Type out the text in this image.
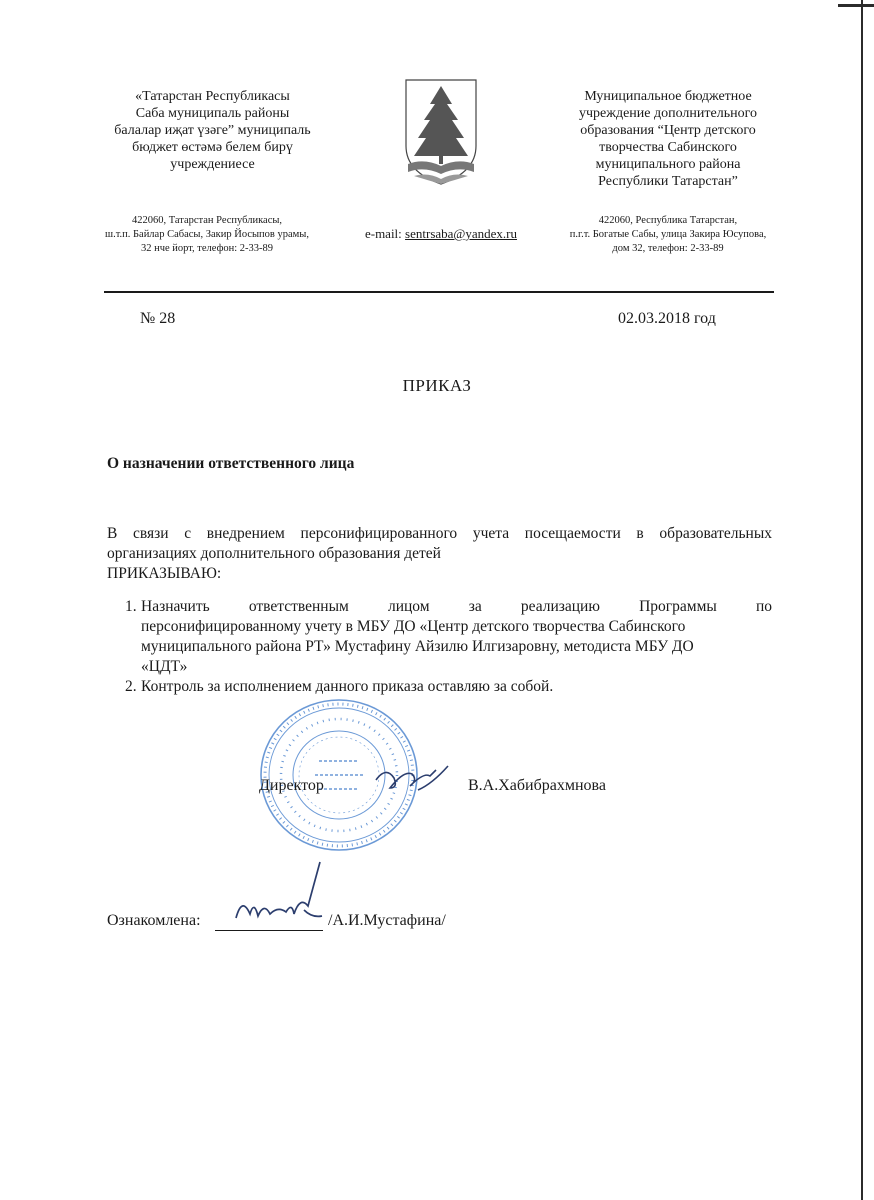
«Татарстан Республикасы
Саба муниципаль районы
балалар иҗат үзәге” муниципаль
бюджет өстәмә белем бирү
учреждениесе
422060, Татарстан Республикасы,
ш.т.п. Байлар Сабасы, Закир Йосыпов урамы,
32 нче йорт, телефон: 2-33-89
e-mail: sentrsaba@yandex.ru
Муниципальное бюджетное
учреждение дополнительного
образования “Центр детского
творчества Сабинского
муниципального района
Республики Татарстан”
422060, Республика Татарстан,
п.г.т. Богатые Сабы, улица Закира Юсупова,
дом 32, телефон: 2-33-89
№ 28	02.03.2018 год
ПРИКАЗ
О назначении ответственного лица
В связи с внедрением персонифицированного учета посещаемости в образовательных
организациях дополнительного образования детей
ПРИКАЗЫВАЮ:
1. Назначить ответственным лицом за реализацию Программы по
персонифицированному учету в МБУ ДО «Центр детского творчества Сабинского
муниципального района РТ» Мустафину Айзилю Илгизаровну, методиста МБУ ДО
«ЦДТ»
2. Контроль за исполнением данного приказа оставляю за собой.
Директор	В.А.Хабибрахмнова
Ознакомлена:	/А.И.Мустафина/
